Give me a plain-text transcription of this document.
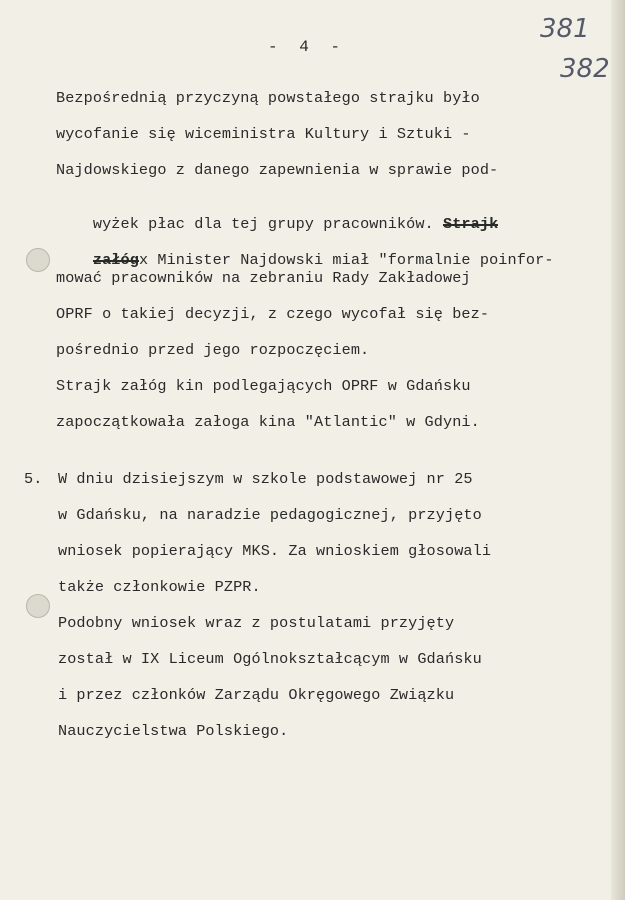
- 4 -
381
382
Bezpośrednią przyczyną powstałego strajku było
wycofanie się wiceministra Kultury i Sztuki -
Najdowskiego z danego zapewnienia w sprawie pod-

wyżek płac dla tej grupy pracowników. Strajk

załógx Minister Najdowski miał "formalnie poinfor-

mować pracowników na zebraniu Rady Zakładowej
OPRF o takiej decyzji, z czego wycofał się bez-
pośrednio przed jego rozpoczęciem.
Strajk załóg kin podlegających OPRF w Gdańsku
zapoczątkowała załoga kina "Atlantic" w Gdyni.
5. W dniu dzisiejszym w szkole podstawowej nr 25
w Gdańsku, na naradzie pedagogicznej, przyjęto
wniosek popierający MKS. Za wnioskiem głosowali
także członkowie PZPR.
Podobny wniosek wraz z postulatami przyjęty
został w IX Liceum Ogólnokształcącym w Gdańsku
i przez członków Zarządu Okręgowego Związku
Nauczycielstwa Polskiego.
